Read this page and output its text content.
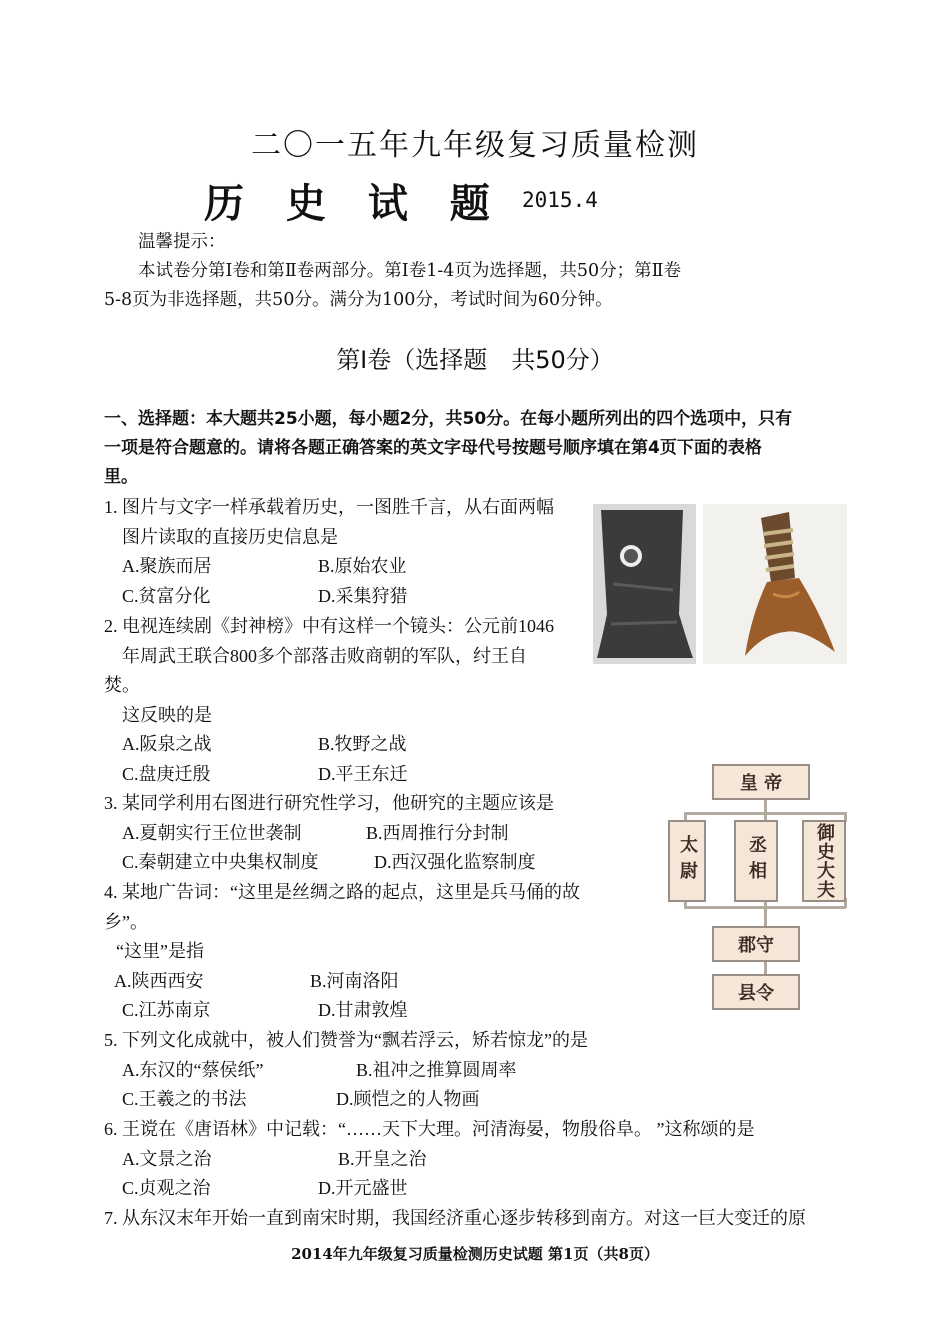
二〇一五年九年级复习质量检测
历 史 试 题 2015.4
温馨提示：
本试卷分第Ⅰ卷和第Ⅱ卷两部分。第Ⅰ卷1-4页为选择题，共50分；第Ⅱ卷
5-8页为非选择题，共50分。满分为100分，考试时间为60分钟。
第Ⅰ卷（选择题　共50分）
一、选择题：本大题共25小题，每小题2分，共50分。在每小题所列出的四个选项中，只有
一项是符合题意的。请将各题正确答案的英文字母代号按题号顺序填在第4页下面的表格
里。
1. 图片与文字一样承载着历史，一图胜千言，从右面两幅
图片读取的直接历史信息是
A.聚族而居	B.原始农业
C.贫富分化	D.采集狩猎
2. 电视连续剧《封神榜》中有这样一个镜头：公元前1046
年周武王联合800多个部落击败商朝的军队，纣王自
焚。
这反映的是
A.阪泉之战	B.牧野之战
C.盘庚迁殷	D.平王东迁
3. 某同学利用右图进行研究性学习，他研究的主题应该是
A.夏朝实行王位世袭制	B.西周推行分封制
C.秦朝建立中央集权制度	D.西汉强化监察制度
皇 帝
太尉	丞相	御史大夫
郡守
县令
4. 某地广告词：“这里是丝绸之路的起点，这里是兵马俑的故
乡”。
“这里”是指
A.陕西西安	B.河南洛阳
C.江苏南京	D.甘肃敦煌
5. 下列文化成就中，被人们赞誉为“飘若浮云，矫若惊龙”的是
A.东汉的“蔡侯纸”	B.祖冲之推算圆周率
C.王羲之的书法	D.顾恺之的人物画
6. 王谠在《唐语林》中记载：“……天下大理。河清海晏，物殷俗阜。 ”这称颂的是
A.文景之治	B.开皇之治
C.贞观之治	D.开元盛世
7. 从东汉末年开始一直到南宋时期，我国经济重心逐步转移到南方。对这一巨大变迁的原
2014年九年级复习质量检测历史试题 第1页（共8页）
